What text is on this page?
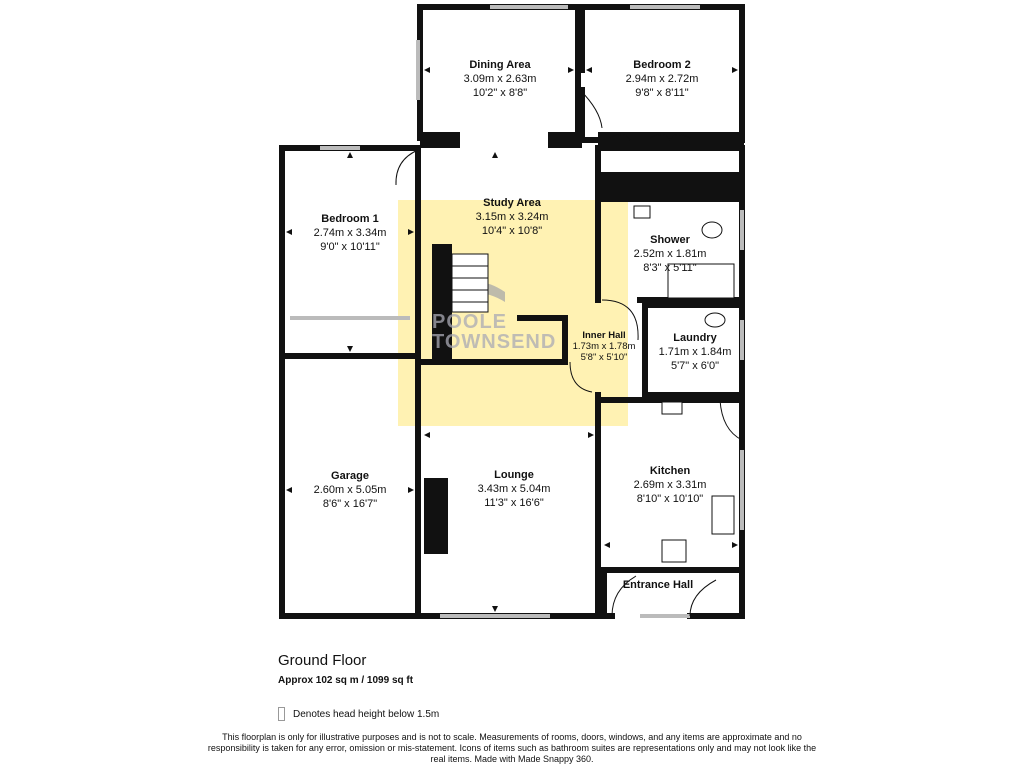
POOLE
TOWNSEND
Dining Area
3.09m x 2.63m
10'2" x 8'8"
Bedroom 2
2.94m x 2.72m
9'8" x 8'11"
Bedroom 1
2.74m x 3.34m
9'0" x 10'11"
Study Area
3.15m x 3.24m
10'4" x 10'8"
Shower
2.52m x 1.81m
8'3" x 5'11"
Inner Hall
1.73m x 1.78m
5'8" x 5'10"
Laundry
1.71m x 1.84m
5'7" x 6'0"
Garage
2.60m x 5.05m
8'6" x 16'7"
Lounge
3.43m x 5.04m
11'3" x 16'6"
Kitchen
2.69m x 3.31m
8'10" x 10'10"
Entrance Hall
Ground Floor
Approx 102 sq m / 1099 sq ft
Denotes head height below 1.5m
This floorplan is only for illustrative purposes and is not to scale. Measurements of rooms, doors, windows, and any items are approximate and no responsibility is taken for any error, omission or mis-statement. Icons of items such as bathroom suites are representations only and may not look like the real items. Made with Made Snappy 360.
